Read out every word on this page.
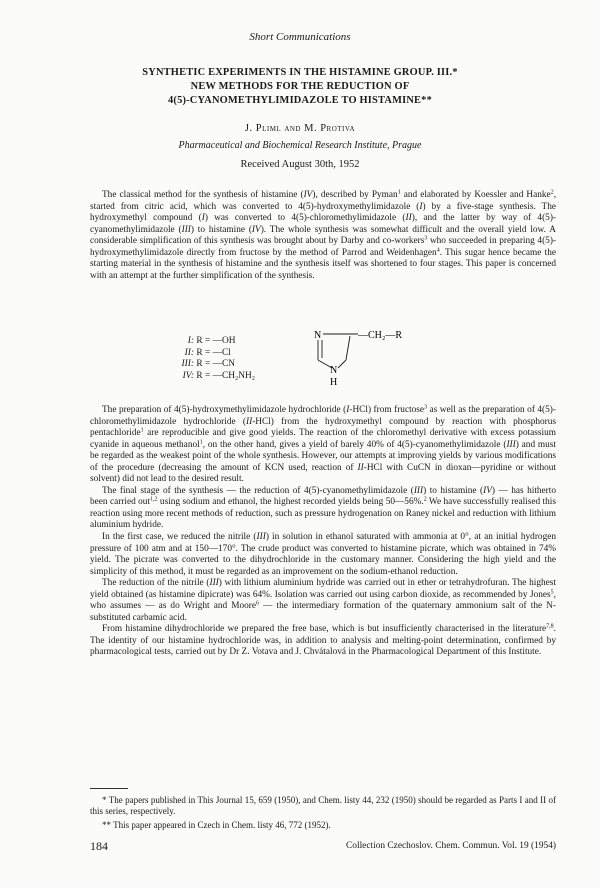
Short Communications
SYNTHETIC EXPERIMENTS IN THE HISTAMINE GROUP. III.*
NEW METHODS FOR THE REDUCTION OF
4(5)-CYANOMETHYLIMIDAZOLE TO HISTAMINE**
J. Pliml and M. Protiva
Pharmaceutical and Biochemical Research Institute, Prague
Received August 30th, 1952

The classical method for the synthesis of histamine (IV), described by Pyman$^1$ and elaborated by Koessler and Hanke$^2$, started from citric acid, which was converted to 4(5)-hydroxymethylimidazole (I) by a five-stage synthesis. The hydroxymethyl compound (I) was converted to 4(5)-chloromethylimidazole (II), and the latter by way of 4(5)-cyanomethylimidazole (III) to histamine (IV). The whole synthesis was somewhat difficult and the overall yield low. A considerable simplification of this synthesis was brought about by Darby and co-workers$^3$ who succeeded in preparing 4(5)-hydroxymethylimidazole directly from fructose by the method of Parrod and Weidenhagen$^4$. This sugar hence became the starting material in the synthesis of histamine and the synthesis itself was shortened to four stages. This paper is concerned with an attempt at the further simplification of the synthesis.

I: R = —OH
II: R = —Cl
III: R = —CN
IV: R = —CH₂NH₂
N	—CH₂—R
N
H

The preparation of 4(5)-hydroxymethylimidazole hydrochloride (I-HCl) from fructose$^3$ as well as the preparation of 4(5)-chloromethylimidazole hydrochloride (II-HCl) from the hydroxymethyl compound by reaction with phosphorus pentachloride$^1$ are reproducible and give good yields. The reaction of the chloromethyl derivative with excess potassium cyanide in aqueous methanol$^1$, on the other hand, gives a yield of barely 40% of 4(5)-cyanomethylimidazole (III) and must be regarded as the weakest point of the whole synthesis. However, our attempts at improving yields by various modifications of the procedure (decreasing the amount of KCN used, reaction of II-HCl with CuCN in dioxan—pyridine or without solvent) did not lead to the desired result.

The final stage of the synthesis — the reduction of 4(5)-cyanomethylimidazole (III) to histamine (IV) — has hitherto been carried out$^{1,2}$ using sodium and ethanol, the highest recorded yields being 50—56%.$^2$ We have successfully realised this reaction using more recent methods of reduction, such as pressure hydrogenation on Raney nickel and reduction with lithium aluminium hydride.

In the first case, we reduced the nitrile (III) in solution in ethanol saturated with ammonia at 0°, at an initial hydrogen pressure of 100 atm and at 150—170°. The crude product was converted to histamine picrate, which was obtained in 74% yield. The picrate was converted to the dihydrochloride in the customary manner. Considering the high yield and the simplicity of this method, it must be regarded as an improvement on the sodium-ethanol reduction.

The reduction of the nitrile (III) with lithium aluminium hydride was carried out in ether or tetrahydrofuran. The highest yield obtained (as histamine dipicrate) was 64%. Isolation was carried out using carbon dioxide, as recommended by Jones$^5$, who assumes — as do Wright and Moore$^6$ — the intermediary formation of the quaternary ammonium salt of the N-substituted carbamic acid.

From histamine dihydrochloride we prepared the free base, which is but insufficiently characterised in the literature$^{7,8}$. The identity of our histamine hydrochloride was, in addition to analysis and melting-point determination, confirmed by pharmacological tests, carried out by Dr Z. Votava and J. Chvátalová in the Pharmacological Department of this Institute.

* The papers published in This Journal 15, 659 (1950), and Chem. listy 44, 232 (1950) should be regarded as Parts I and II of this series, respectively.
** This paper appeared in Czech in Chem. listy 46, 772 (1952).
184	Collection Czechoslov. Chem. Commun. Vol. 19 (1954)
